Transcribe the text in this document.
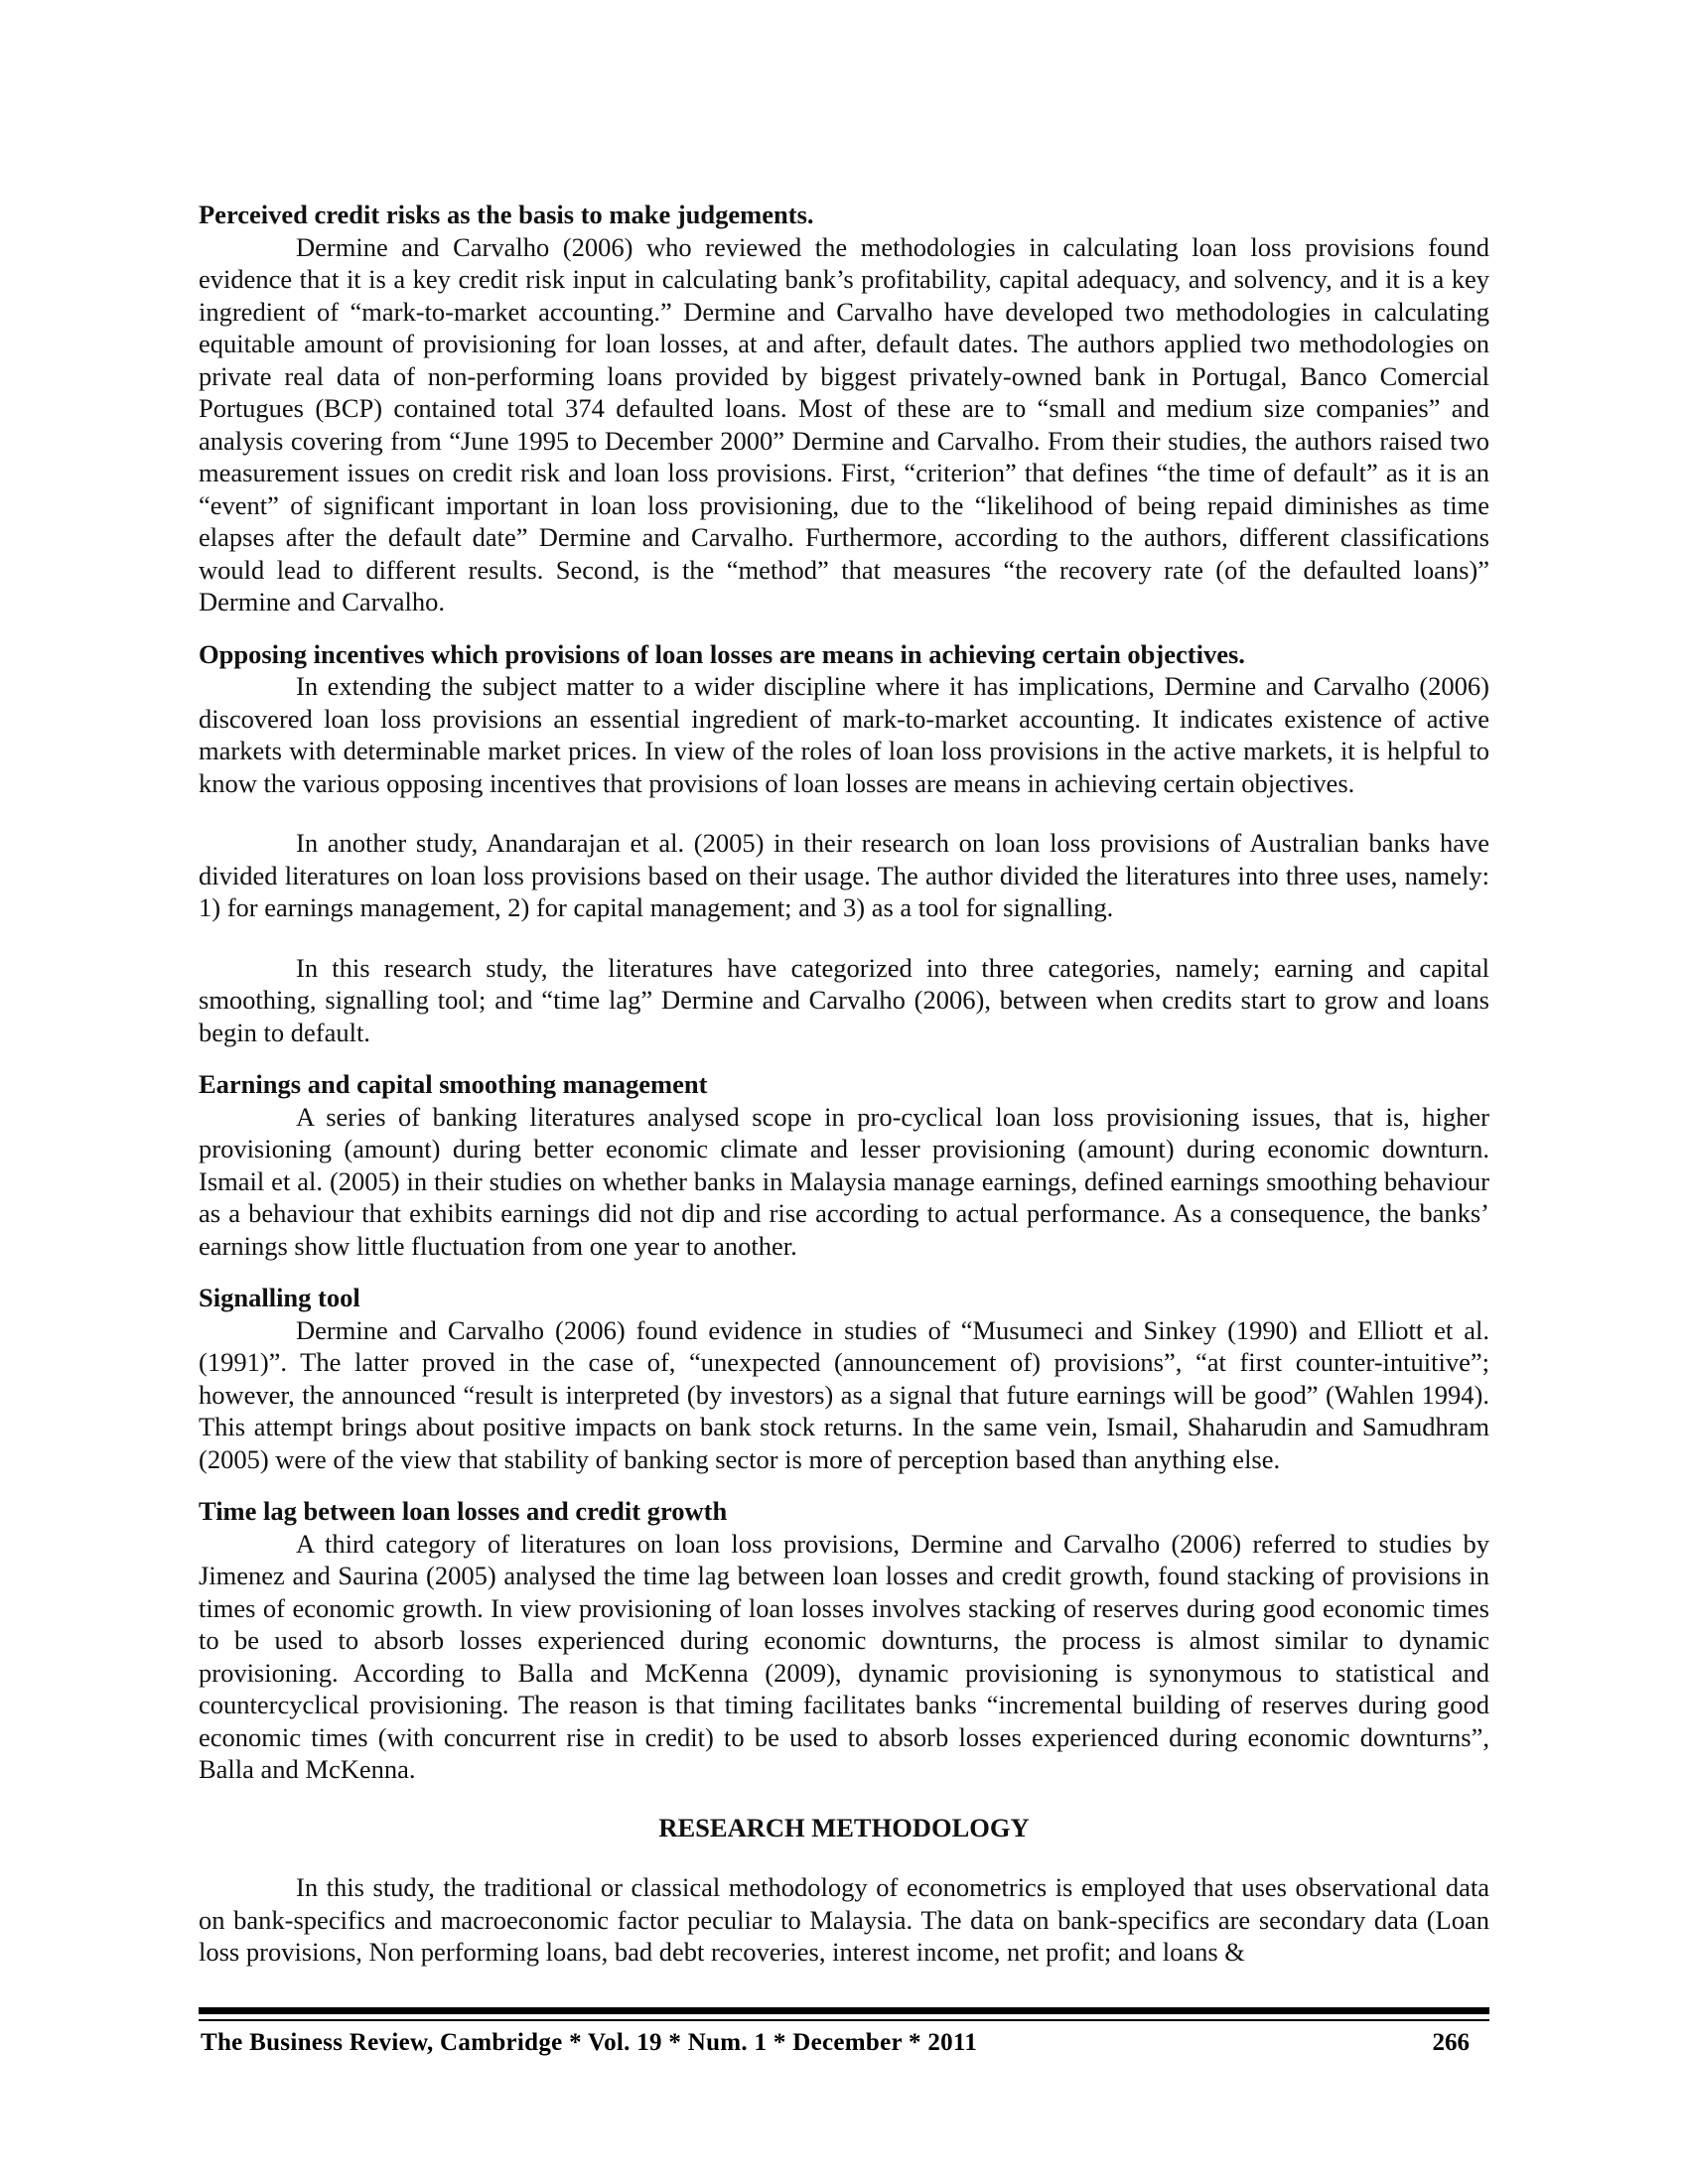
Perceived credit risks as the basis to make judgements.

Dermine and Carvalho (2006) who reviewed the methodologies in calculating loan loss provisions found evidence that it is a key credit risk input in calculating bank’s profitability, capital adequacy, and solvency, and it is a key ingredient of “mark-to-market accounting.” Dermine and Carvalho have developed two methodologies in calculating equitable amount of provisioning for loan losses, at and after, default dates. The authors applied two methodologies on private real data of non-performing loans provided by biggest privately-owned bank in Portugal, Banco Comercial Portugues (BCP) contained total 374 defaulted loans. Most of these are to “small and medium size companies” and analysis covering from “June 1995 to December 2000” Dermine and Carvalho. From their studies, the authors raised two measurement issues on credit risk and loan loss provisions. First, “criterion” that defines “the time of default” as it is an “event” of significant important in loan loss provisioning, due to the “likelihood of being repaid diminishes as time elapses after the default date” Dermine and Carvalho. Furthermore, according to the authors, different classifications would lead to different results. Second, is the “method” that measures “the recovery rate (of the defaulted loans)” Dermine and Carvalho.

Opposing incentives which provisions of loan losses are means in achieving certain objectives.

In extending the subject matter to a wider discipline where it has implications, Dermine and Carvalho (2006) discovered loan loss provisions an essential ingredient of mark-to-market accounting. It indicates existence of active markets with determinable market prices. In view of the roles of loan loss provisions in the active markets, it is helpful to know the various opposing incentives that provisions of loan losses are means in achieving certain objectives.

In another study, Anandarajan et al. (2005) in their research on loan loss provisions of Australian banks have divided literatures on loan loss provisions based on their usage. The author divided the literatures into three uses, namely: 1) for earnings management, 2) for capital management; and 3) as a tool for signalling.

In this research study, the literatures have categorized into three categories, namely; earning and capital smoothing, signalling tool; and “time lag” Dermine and Carvalho (2006), between when credits start to grow and loans begin to default.

Earnings and capital smoothing management

A series of banking literatures analysed scope in pro-cyclical loan loss provisioning issues, that is, higher provisioning (amount) during better economic climate and lesser provisioning (amount) during economic downturn. Ismail et al. (2005) in their studies on whether banks in Malaysia manage earnings, defined earnings smoothing behaviour as a behaviour that exhibits earnings did not dip and rise according to actual performance. As a consequence, the banks’ earnings show little fluctuation from one year to another.

Signalling tool

Dermine and Carvalho (2006) found evidence in studies of “Musumeci and Sinkey (1990) and Elliott et al. (1991)”. The latter proved in the case of, “unexpected (announcement of) provisions”, “at first counter-intuitive”; however, the announced “result is interpreted (by investors) as a signal that future earnings will be good” (Wahlen 1994). This attempt brings about positive impacts on bank stock returns. In the same vein, Ismail, Shaharudin and Samudhram (2005) were of the view that stability of banking sector is more of perception based than anything else.

Time lag between loan losses and credit growth

A third category of literatures on loan loss provisions, Dermine and Carvalho (2006) referred to studies by Jimenez and Saurina (2005) analysed the time lag between loan losses and credit growth, found stacking of provisions in times of economic growth. In view provisioning of loan losses involves stacking of reserves during good economic times to be used to absorb losses experienced during economic downturns, the process is almost similar to dynamic provisioning. According to Balla and McKenna (2009), dynamic provisioning is synonymous to statistical and countercyclical provisioning. The reason is that timing facilitates banks “incremental building of reserves during good economic times (with concurrent rise in credit) to be used to absorb losses experienced during economic downturns”, Balla and McKenna.

RESEARCH METHODOLOGY

In this study, the traditional or classical methodology of econometrics is employed that uses observational data on bank-specifics and macroeconomic factor peculiar to Malaysia. The data on bank-specifics are secondary data (Loan loss provisions, Non performing loans, bad debt recoveries, interest income, net profit; and loans &

The Business Review, Cambridge * Vol. 19 * Num. 1 * December * 2011	266
